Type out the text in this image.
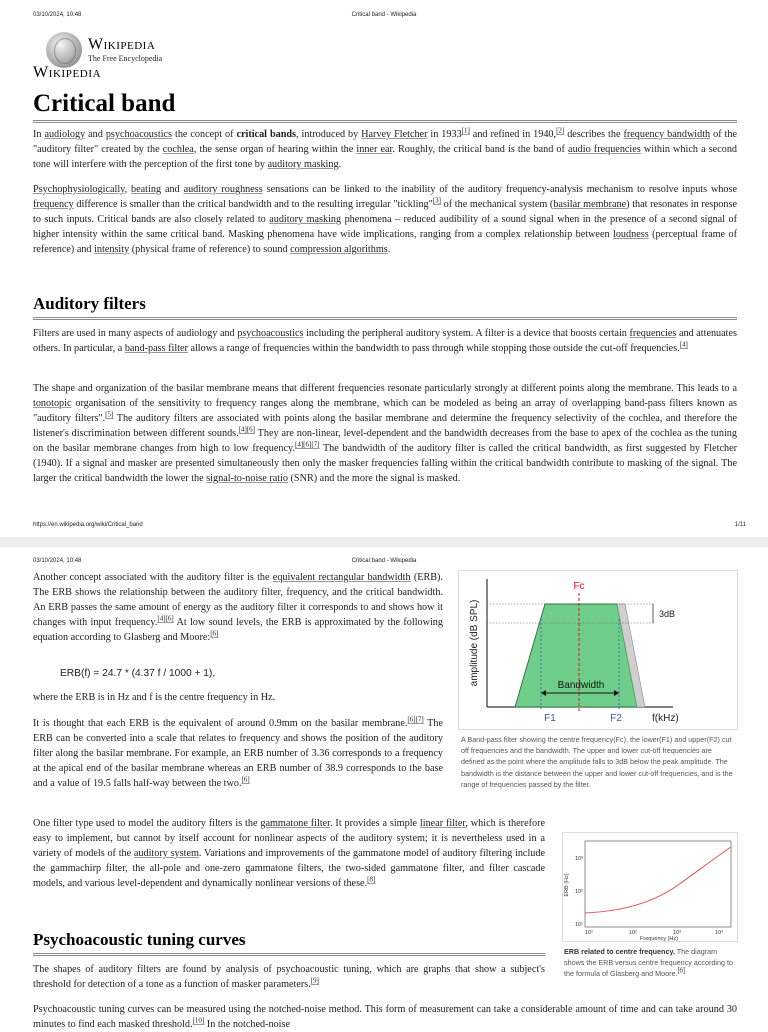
03/10/2024, 10:48	Critical band - Wikipedia
Wikipedia
The Free Encyclopedia
Wikipedia
Critical band

In audiology and psychoacoustics the concept of critical bands, introduced by Harvey Fletcher in 1933[1] and refined in 1940,[2] describes the frequency bandwidth of the "auditory filter" created by the cochlea, the sense organ of hearing within the inner ear. Roughly, the critical band is the band of audio frequencies within which a second tone will interfere with the perception of the first tone by auditory masking.

Psychophysiologically, beating and auditory roughness sensations can be linked to the inability of the auditory frequency-analysis mechanism to resolve inputs whose frequency difference is smaller than the critical bandwidth and to the resulting irregular "tickling"[3] of the mechanical system (basilar membrane) that resonates in response to such inputs. Critical bands are also closely related to auditory masking phenomena – reduced audibility of a sound signal when in the presence of a second signal of higher intensity within the same critical band. Masking phenomena have wide implications, ranging from a complex relationship between loudness (perceptual frame of reference) and intensity (physical frame of reference) to sound compression algorithms.

Auditory filters

Filters are used in many aspects of audiology and psychoacoustics including the peripheral auditory system. A filter is a device that boosts certain frequencies and attenuates others. In particular, a band-pass filter allows a range of frequencies within the bandwidth to pass through while stopping those outside the cut-off frequencies.[4]

The shape and organization of the basilar membrane means that different frequencies resonate particularly strongly at different points along the membrane. This leads to a tonotopic organisation of the sensitivity to frequency ranges along the membrane, which can be modeled as being an array of overlapping band-pass filters known as "auditory filters".[5] The auditory filters are associated with points along the basilar membrane and determine the frequency selectivity of the cochlea, and therefore the listener's discrimination between different sounds.[4][6] They are non-linear, level-dependent and the bandwidth decreases from the base to apex of the cochlea as the tuning on the basilar membrane changes from high to low frequency.[4][6][7] The bandwidth of the auditory filter is called the critical bandwidth, as first suggested by Fletcher (1940). If a signal and masker are presented simultaneously then only the masker frequencies falling within the critical bandwidth contribute to masking of the signal. The larger the critical bandwidth the lower the signal-to-noise ratio (SNR) and the more the signal is masked.

https://en.wikipedia.org/wiki/Critical_band	1/11
03/10/2024, 10:48	Critical band - Wikipedia

Another concept associated with the auditory filter is the equivalent rectangular bandwidth (ERB). The ERB shows the relationship between the auditory filter, frequency, and the critical bandwidth. An ERB passes the same amount of energy as the auditory filter it corresponds to and shows how it changes with input frequency.[4][6] At low sound levels, the ERB is approximated by the following equation according to Glasberg and Moore:[6]

ERB(f) = 24.7 * (4.37 f / 1000 + 1),

where the ERB is in Hz and f is the centre frequency in Hz.

It is thought that each ERB is the equivalent of around 0.9mm on the basilar membrane.[6][7] The ERB can be converted into a scale that relates to frequency and shows the position of the auditory filter along the basilar membrane. For example, an ERB number of 3.36 corresponds to a frequency at the apical end of the basilar membrane whereas an ERB number of 38.9 corresponds to the base and a value of 19.5 falls half-way between the two.[6]

One filter type used to model the auditory filters is the gammatone filter. It provides a simple linear filter, which is therefore easy to implement, but cannot by itself account for nonlinear aspects of the auditory system; it is nevertheless used in a variety of models of the auditory system. Variations and improvements of the gammatone model of auditory filtering include the gammachirp filter, the all-pole and one-zero gammatone filters, the two-sided gammatone filter, and filter cascade models, and various level-dependent and dynamically nonlinear versions of these.[8]

Psychoacoustic tuning curves

The shapes of auditory filters are found by analysis of psychoacoustic tuning, which are graphs that show a subject's threshold for detection of a tone as a function of masker parameters.[9]

Psychoacoustic tuning curves can be measured using the notched-noise method. This form of measurement can take a considerable amount of time and can take around 30 minutes to find each masked threshold.[10] In the notched-noise

Fc
3dB
amplitude (dB SPL)	Bandwidth
F1	F2	f(kHz)

A Band-pass filter showing the centre frequency(Fc), the lower(F1) and upper(F2) cut off frequencies and the bandwidth. The upper and lower cut-off frequencies are defined as the point where the amplitude falls to 3dB below the peak amplitude. The bandwidth is the distance between the upper and lower cut-off frequencies, and is the range of frequencies passed by the filter.

ERB (Hz)
Frequency (Hz)
10³
10²
10¹
10¹	10²	10³	10⁴

ERB related to centre frequency. The diagram shows the ERB versus centre frequency according to the formula of Glasberg and Moore.[6]
